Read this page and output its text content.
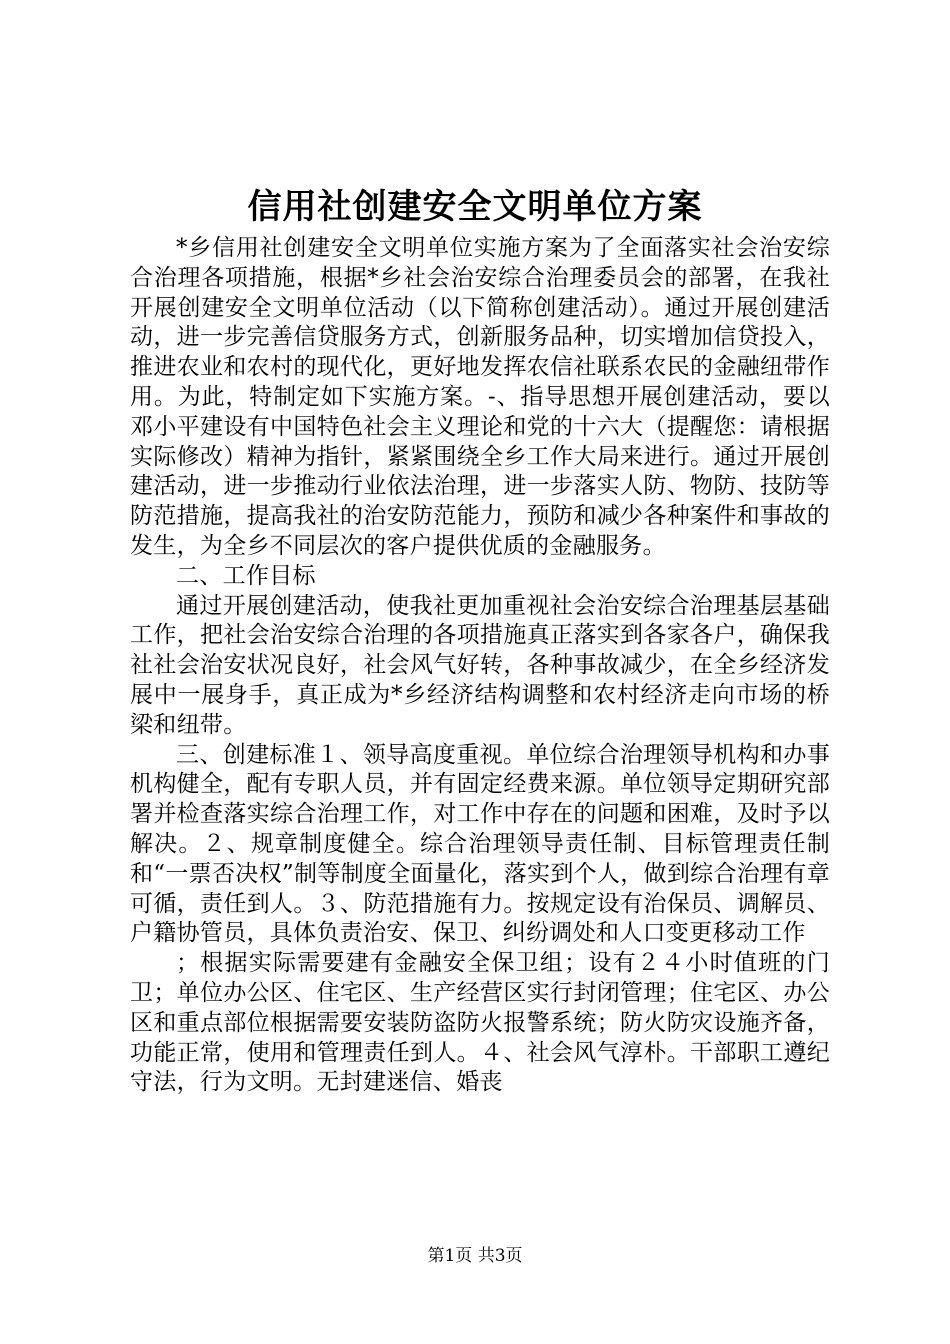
信用社创建安全文明单位方案

*乡信用社创建安全文明单位实施方案为了全面落实社会治安综合治理各项措施，根据*乡社会治安综合治理委员会的部署，在我社开展创建安全文明单位活动（以下简称创建活动）。通过开展创建活动，进一步完善信贷服务方式，创新服务品种，切实增加信贷投入，推进农业和农村的现代化，更好地发挥农信社联系农民的金融纽带作用。为此，特制定如下实施方案。-、指导思想开展创建活动，要以邓小平建设有中国特色社会主义理论和党的十六大（提醒您：请根据实际修改）精神为指针，紧紧围绕全乡工作大局来进行。通过开展创建活动，进一步推动行业依法治理，进一步落实人防、物防、技防等防范措施，提高我社的治安防范能力，预防和减少各种案件和事故的发生，为全乡不同层次的客户提供优质的金融服务。

二、工作目标

通过开展创建活动，使我社更加重视社会治安综合治理基层基础工作，把社会治安综合治理的各项措施真正落实到各家各户，确保我社社会治安状况良好，社会风气好转，各种事故减少，在全乡经济发展中一展身手，真正成为*乡经济结构调整和农村经济走向市场的桥梁和纽带。

三、创建标准１、领导高度重视。单位综合治理领导机构和办事机构健全，配有专职人员，并有固定经费来源。单位领导定期研究部署并检查落实综合治理工作，对工作中存在的问题和困难，及时予以解决。２、规章制度健全。综合治理领导责任制、目标管理责任制和“一票否决权”制等制度全面量化，落实到个人，做到综合治理有章可循，责任到人。３、防范措施有力。按规定设有治保员、调解员、户籍协管员，具体负责治安、保卫、纠纷调处和人口变更移动工作

；根据实际需要建有金融安全保卫组；设有２４小时值班的门卫；单位办公区、住宅区、生产经营区实行封闭管理；住宅区、办公区和重点部位根据需要安装防盗防火报警系统；防火防灾设施齐备，功能正常，使用和管理责任到人。４、社会风气淳朴。干部职工遵纪守法，行为文明。无封建迷信、婚丧

第1页 共3页
